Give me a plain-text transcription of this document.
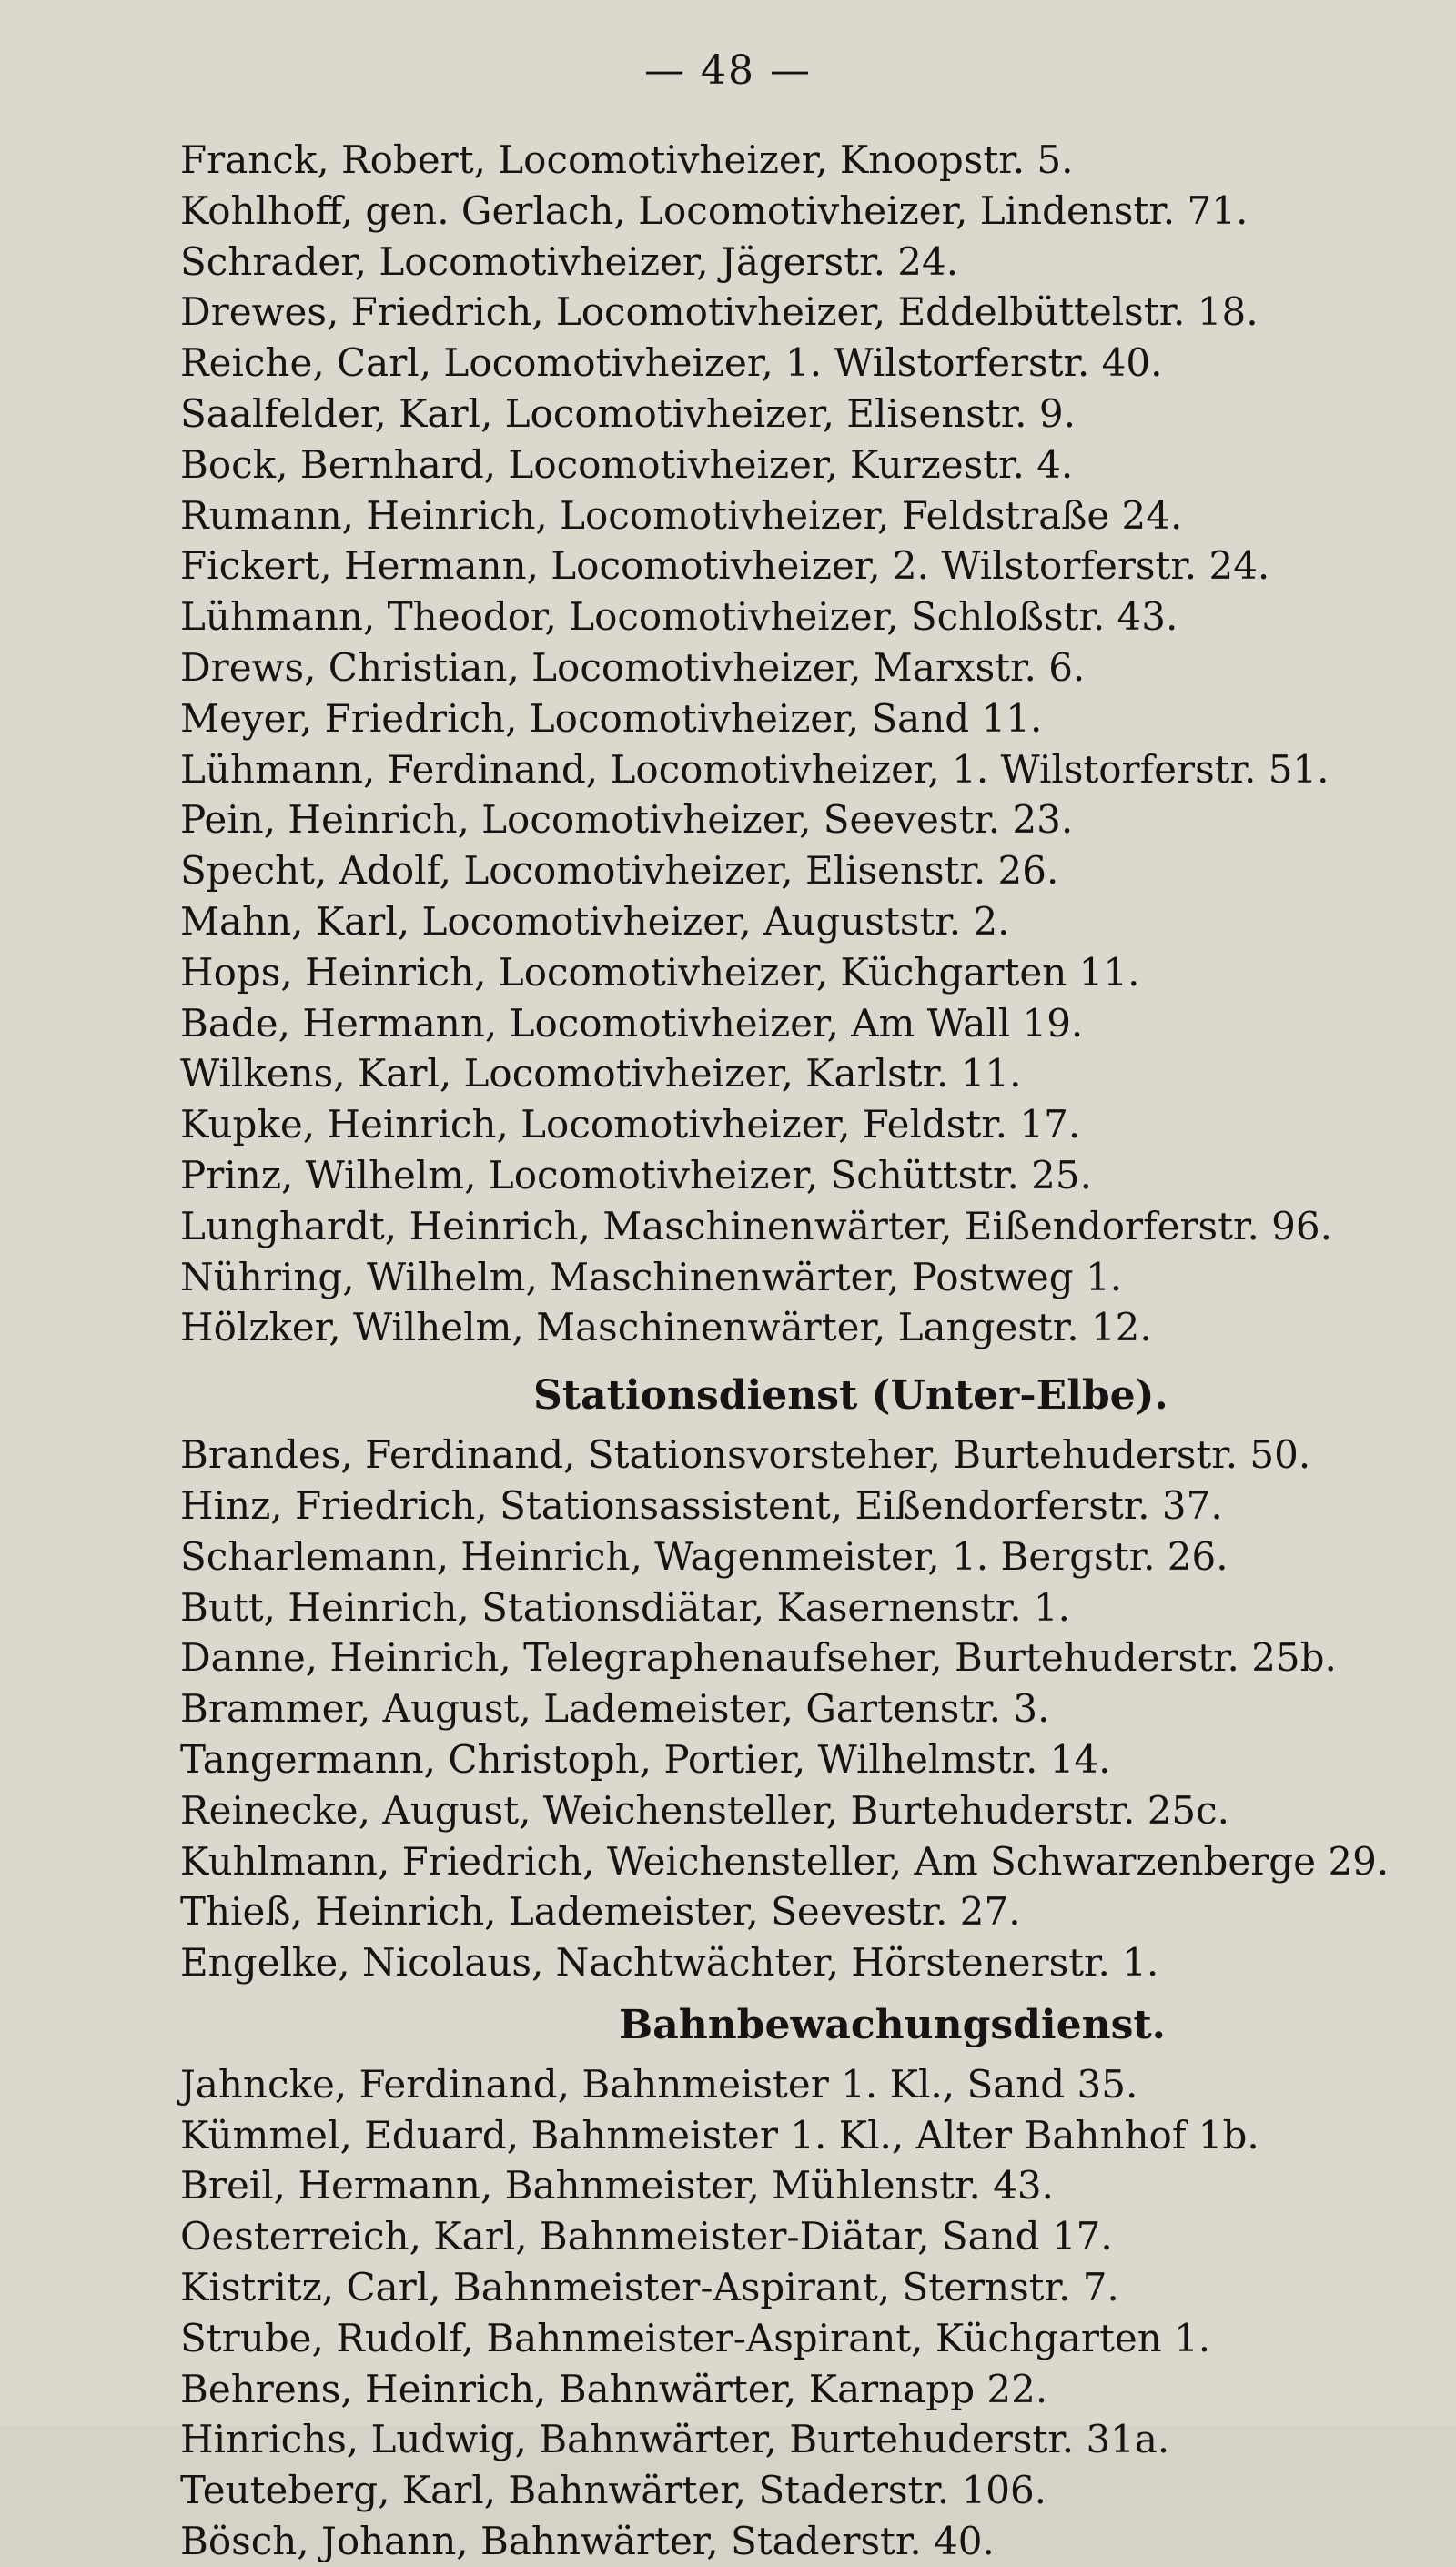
— 48 —
Franck, Robert, Locomotivheizer, Knoopstr. 5.
Kohlhoff, gen. Gerlach, Locomotivheizer, Lindenstr. 71.
Schrader, Locomotivheizer, Jägerstr. 24.
Drewes, Friedrich, Locomotivheizer, Eddelbüttelstr. 18.
Reiche, Carl, Locomotivheizer, 1. Wilstorferstr. 40.
Saalfelder, Karl, Locomotivheizer, Elisenstr. 9.
Bock, Bernhard, Locomotivheizer, Kurzestr. 4.
Rumann, Heinrich, Locomotivheizer, Feldstraße 24.
Fickert, Hermann, Locomotivheizer, 2. Wilstorferstr. 24.
Lühmann, Theodor, Locomotivheizer, Schloßstr. 43.
Drews, Christian, Locomotivheizer, Marxstr. 6.
Meyer, Friedrich, Locomotivheizer, Sand 11.
Lühmann, Ferdinand, Locomotivheizer, 1. Wilstorferstr. 51.
Pein, Heinrich, Locomotivheizer, Seevestr. 23.
Specht, Adolf, Locomotivheizer, Elisenstr. 26.
Mahn, Karl, Locomotivheizer, Auguststr. 2.
Hops, Heinrich, Locomotivheizer, Küchgarten 11.
Bade, Hermann, Locomotivheizer, Am Wall 19.
Wilkens, Karl, Locomotivheizer, Karlstr. 11.
Kupke, Heinrich, Locomotivheizer, Feldstr. 17.
Prinz, Wilhelm, Locomotivheizer, Schüttstr. 25.
Lunghardt, Heinrich, Maschinenwärter, Eißendorferstr. 96.
Nühring, Wilhelm, Maschinenwärter, Postweg 1.
Hölzker, Wilhelm, Maschinenwärter, Langestr. 12.
Stationsdienst (Unter-Elbe).
Brandes, Ferdinand, Stationsvorsteher, Burtehuderstr. 50.
Hinz, Friedrich, Stationsassistent, Eißendorferstr. 37.
Scharlemann, Heinrich, Wagenmeister, 1. Bergstr. 26.
Butt, Heinrich, Stationsdiätar, Kasernenstr. 1.
Danne, Heinrich, Telegraphenaufseher, Burtehuderstr. 25b.
Brammer, August, Lademeister, Gartenstr. 3.
Tangermann, Christoph, Portier, Wilhelmstr. 14.
Reinecke, August, Weichensteller, Burtehuderstr. 25c.
Kuhlmann, Friedrich, Weichensteller, Am Schwarzenberge 29.
Thieß, Heinrich, Lademeister, Seevestr. 27.
Engelke, Nicolaus, Nachtwächter, Hörstenerstr. 1.
Bahnbewachungsdienst.
Jahncke, Ferdinand, Bahnmeister 1. Kl., Sand 35.
Kümmel, Eduard, Bahnmeister 1. Kl., Alter Bahnhof 1b.
Breil, Hermann, Bahnmeister, Mühlenstr. 43.
Oesterreich, Karl, Bahnmeister-Diätar, Sand 17.
Kistritz, Carl, Bahnmeister-Aspirant, Sternstr. 7.
Strube, Rudolf, Bahnmeister-Aspirant, Küchgarten 1.
Behrens, Heinrich, Bahnwärter, Karnapp 22.
Hinrichs, Ludwig, Bahnwärter, Burtehuderstr. 31a.
Teuteberg, Karl, Bahnwärter, Staderstr. 106.
Bösch, Johann, Bahnwärter, Staderstr. 40.
